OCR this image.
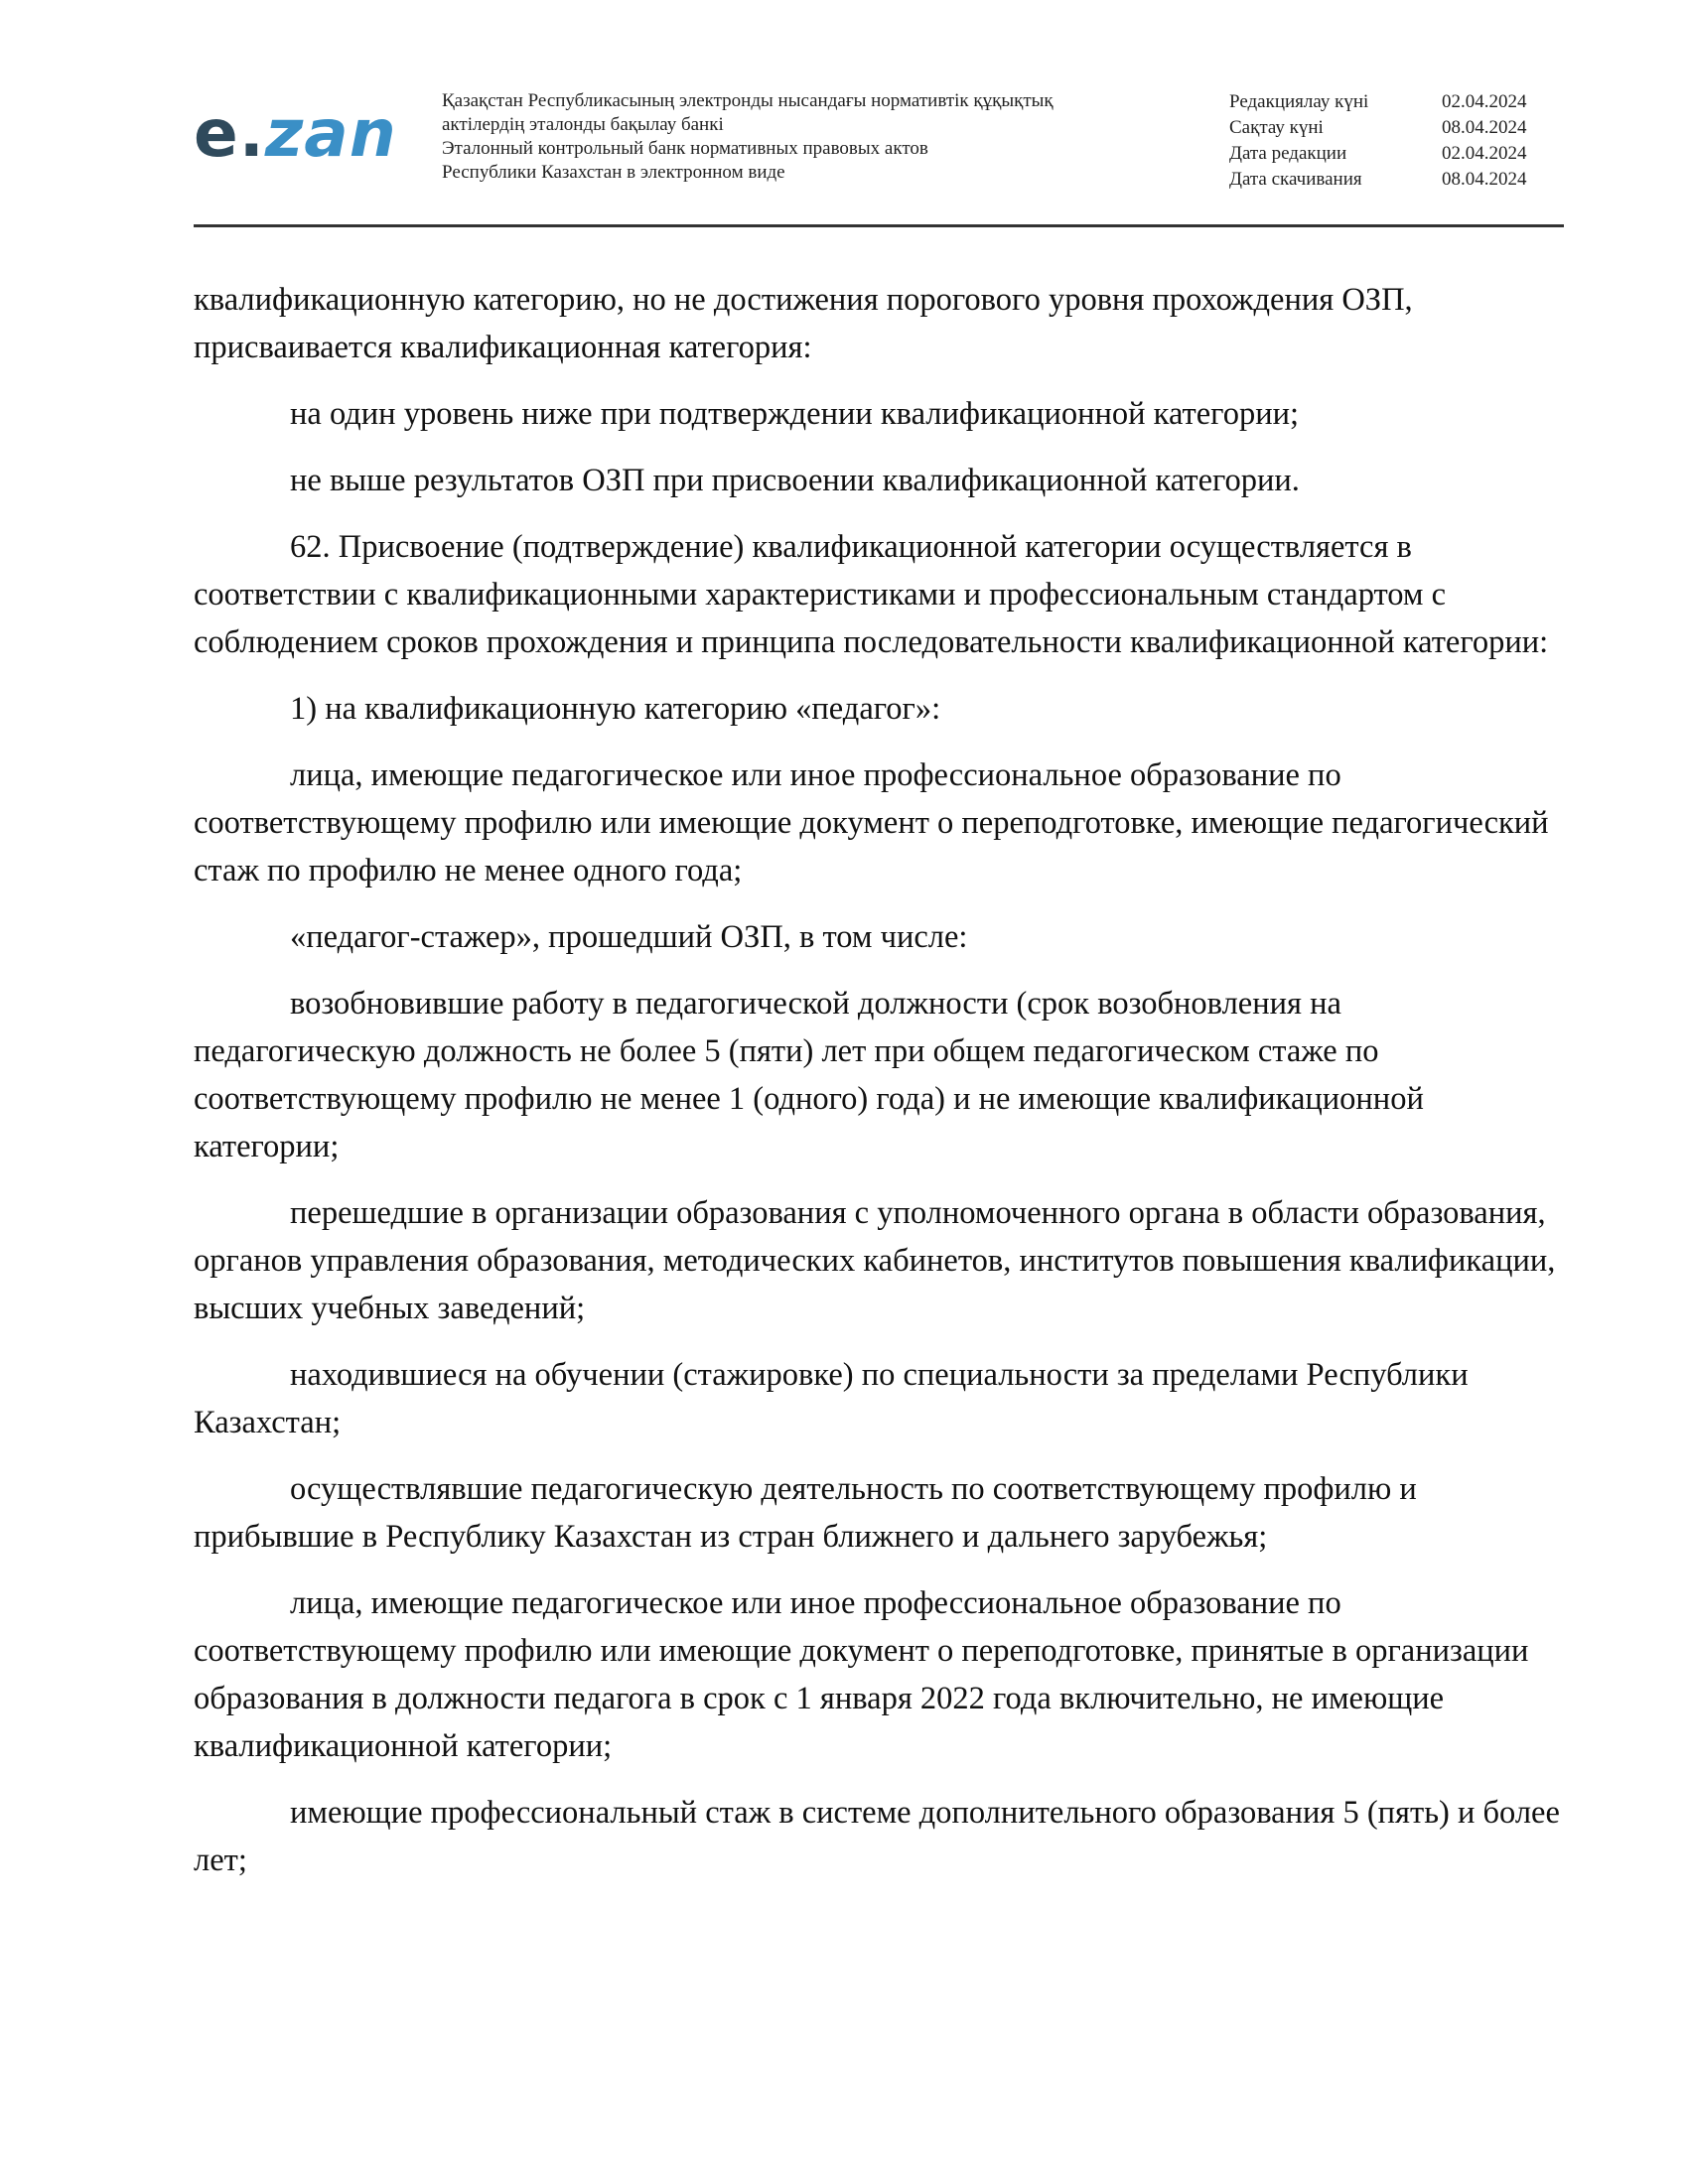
e.zan Қазақстан Республикасының электронды нысандағы нормативтік құқықтық
актілердің эталонды бақылау банкі
Эталонный контрольный банк нормативных правовых актов
Республики Казахстан в электронном виде
Редакциялау күні	02.04.2024
Сақтау күні	08.04.2024
Дата редакции	02.04.2024
Дата скачивания	08.04.2024

квалификационную категорию, но не достижения порогового уровня прохождения ОЗП, присваивается квалификационная категория:

на один уровень ниже при подтверждении квалификационной категории;

не выше результатов ОЗП при присвоении квалификационной категории.

62. Присвоение (подтверждение) квалификационной категории осуществляется в соответствии с квалификационными характеристиками и профессиональным стандартом с соблюдением сроков прохождения и принципа последовательности квалификационной категории:

1) на квалификационную категорию «педагог»:

лица, имеющие педагогическое или иное профессиональное образование по соответствующему профилю или имеющие документ о переподготовке, имеющие педагогический стаж по профилю не менее одного года;

«педагог-стажер», прошедший ОЗП, в том числе:

возобновившие работу в педагогической должности (срок возобновления на педагогическую должность не более 5 (пяти) лет при общем педагогическом стаже по соответствующему профилю не менее 1 (одного) года) и не имеющие квалификационной категории;

перешедшие в организации образования с уполномоченного органа в области образования, органов управления образования, методических кабинетов, институтов повышения квалификации, высших учебных заведений;

находившиеся на обучении (стажировке) по специальности за пределами Республики Казахстан;

осуществлявшие педагогическую деятельность по соответствующему профилю и прибывшие в Республику Казахстан из стран ближнего и дальнего зарубежья;

лица, имеющие педагогическое или иное профессиональное образование по соответствующему профилю или имеющие документ о переподготовке, принятые в организации образования в должности педагога в срок с 1 января 2022 года включительно, не имеющие квалификационной категории;

имеющие профессиональный стаж в системе дополнительного образования 5 (пять) и более лет;
